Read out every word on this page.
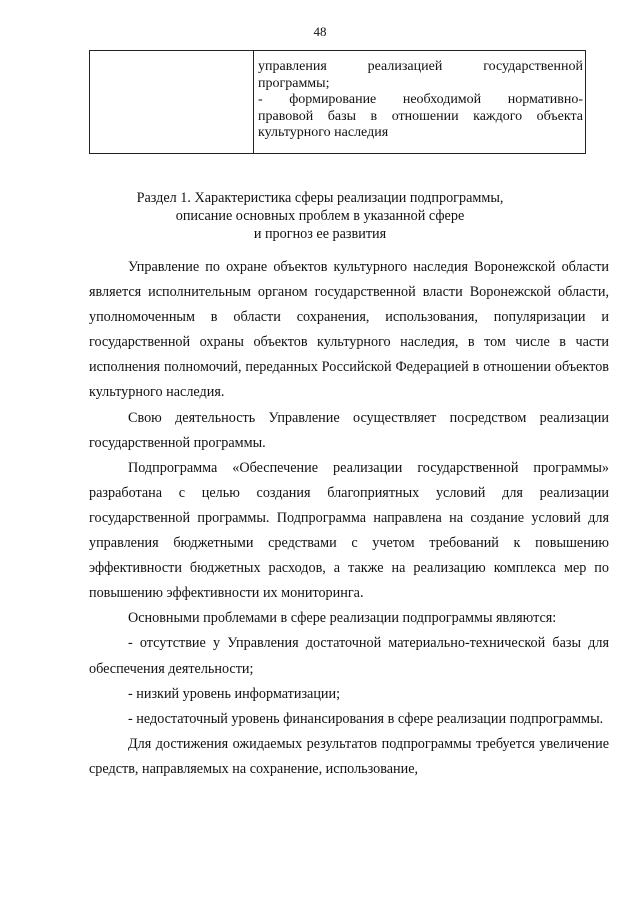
48

управления реализацией государственной
программы;
- формирование необходимой нормативно-
правовой базы в отношении каждого объекта
культурного наследия
Раздел 1. Характеристика сферы реализации подпрограммы,
описание основных проблем в указанной сфере
и прогноз ее развития

Управление по охране объектов культурного наследия Воронежской области является исполнительным органом государственной власти Воронежской области, уполномоченным в области сохранения, использования, популяризации и государственной охраны объектов культурного наследия, в том числе в части исполнения полномочий, переданных Российской Федерацией в отношении объектов культурного наследия.

Свою деятельность Управление осуществляет посредством реализации государственной программы.

Подпрограмма «Обеспечение реализации государственной программы» разработана с целью создания благоприятных условий для реализации государственной программы. Подпрограмма направлена на создание условий для управления бюджетными средствами с учетом требований к повышению эффективности бюджетных расходов, а также на реализацию комплекса мер по повышению эффективности их мониторинга.

Основными проблемами в сфере реализации подпрограммы являются:

- отсутствие у Управления достаточной материально-технической базы для обеспечения деятельности;

- низкий уровень информатизации;

- недостаточный уровень финансирования в сфере реализации подпрограммы.

Для достижения ожидаемых результатов подпрограммы требуется увеличение средств, направляемых на сохранение, использование,
